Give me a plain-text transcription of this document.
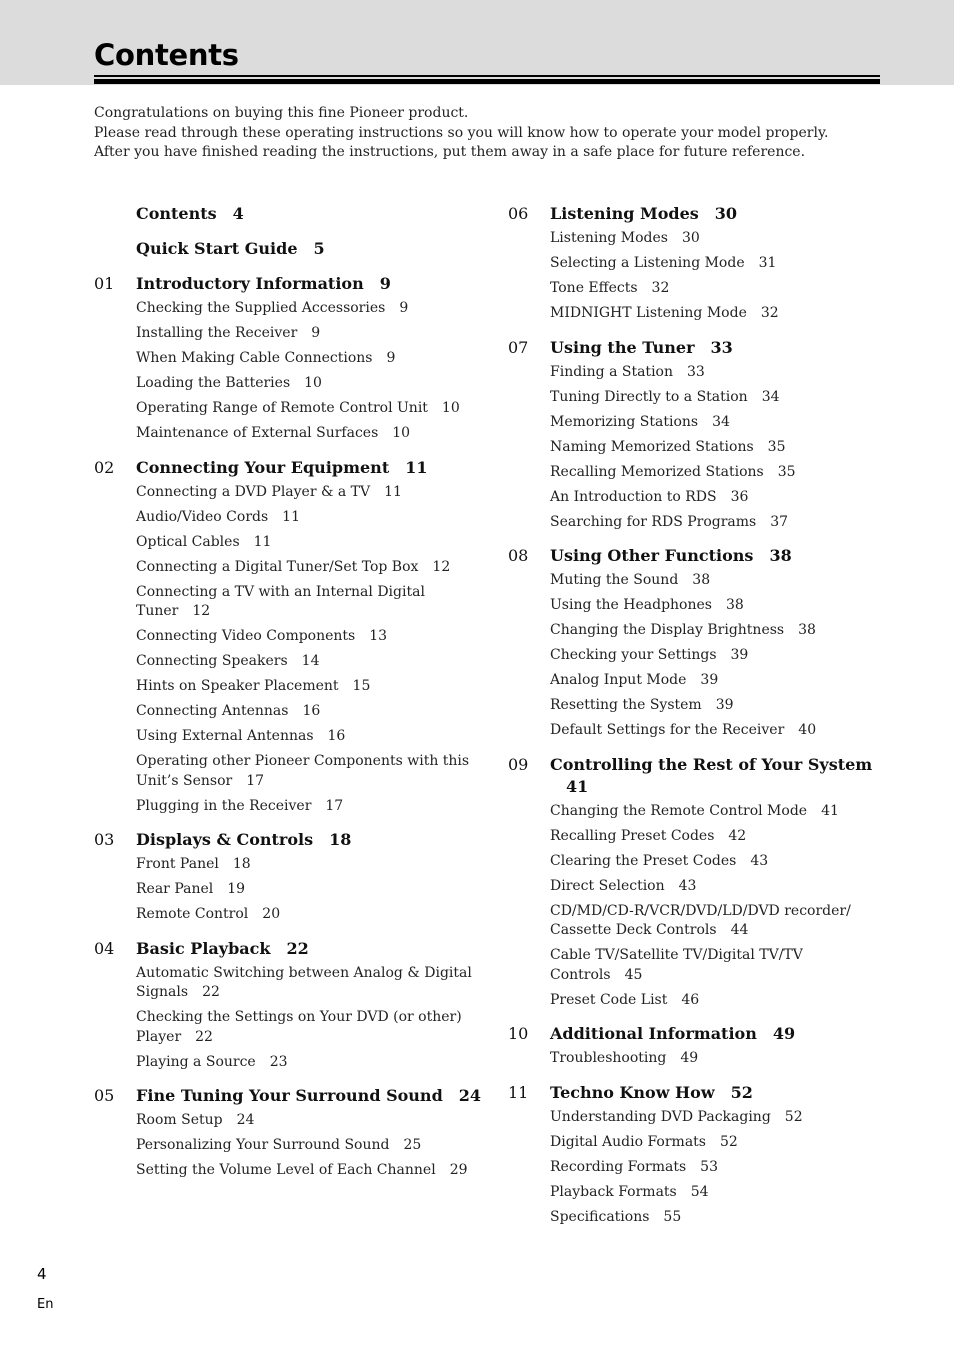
Contents
Congratulations on buying this fine Pioneer product.
Please read through these operating instructions so you will know how to operate your model properly. After you have finished reading the instructions, put them away in a safe place for future reference.
Contents 4
Quick Start Guide 5
01 Introductory Information 9
Checking the Supplied Accessories 9
Installing the Receiver 9
When Making Cable Connections 9
Loading the Batteries 10
Operating Range of Remote Control Unit 10
Maintenance of External Surfaces 10
02 Connecting Your Equipment 11
Connecting a DVD Player & a TV 11
Audio/Video Cords 11
Optical Cables 11
Connecting a Digital Tuner/Set Top Box 12
Connecting a TV with an Internal Digital Tuner 12
Connecting Video Components 13
Connecting Speakers 14
Hints on Speaker Placement 15
Connecting Antennas 16
Using External Antennas 16
Operating other Pioneer Components with this Unit’s Sensor 17
Plugging in the Receiver 17
03 Displays & Controls 18
Front Panel 18
Rear Panel 19
Remote Control 20
04 Basic Playback 22
Automatic Switching between Analog & Digital Signals 22
Checking the Settings on Your DVD (or other) Player 22
Playing a Source 23
05 Fine Tuning Your Surround Sound 24
Room Setup 24
Personalizing Your Surround Sound 25
Setting the Volume Level of Each Channel 29
06 Listening Modes 30
Listening Modes 30
Selecting a Listening Mode 31
Tone Effects 32
MIDNIGHT Listening Mode 32
07 Using the Tuner 33
Finding a Station 33
Tuning Directly to a Station 34
Memorizing Stations 34
Naming Memorized Stations 35
Recalling Memorized Stations 35
An Introduction to RDS 36
Searching for RDS Programs 37
08 Using Other Functions 38
Muting the Sound 38
Using the Headphones 38
Changing the Display Brightness 38
Checking your Settings 39
Analog Input Mode 39
Resetting the System 39
Default Settings for the Receiver 40
09 Controlling the Rest of Your System41
Changing the Remote Control Mode 41
Recalling Preset Codes 42
Clearing the Preset Codes 43
Direct Selection 43
CD/MD/CD-R/VCR/DVD/LD/DVD recorder/ Cassette Deck Controls 44
Cable TV/Satellite TV/Digital TV/TV Controls 45
Preset Code List 46
10 Additional Information 49
Troubleshooting 49
11 Techno Know How 52
Understanding DVD Packaging 52
Digital Audio Formats 52
Recording Formats 53
Playback Formats 54
Specifications 55
4
En
